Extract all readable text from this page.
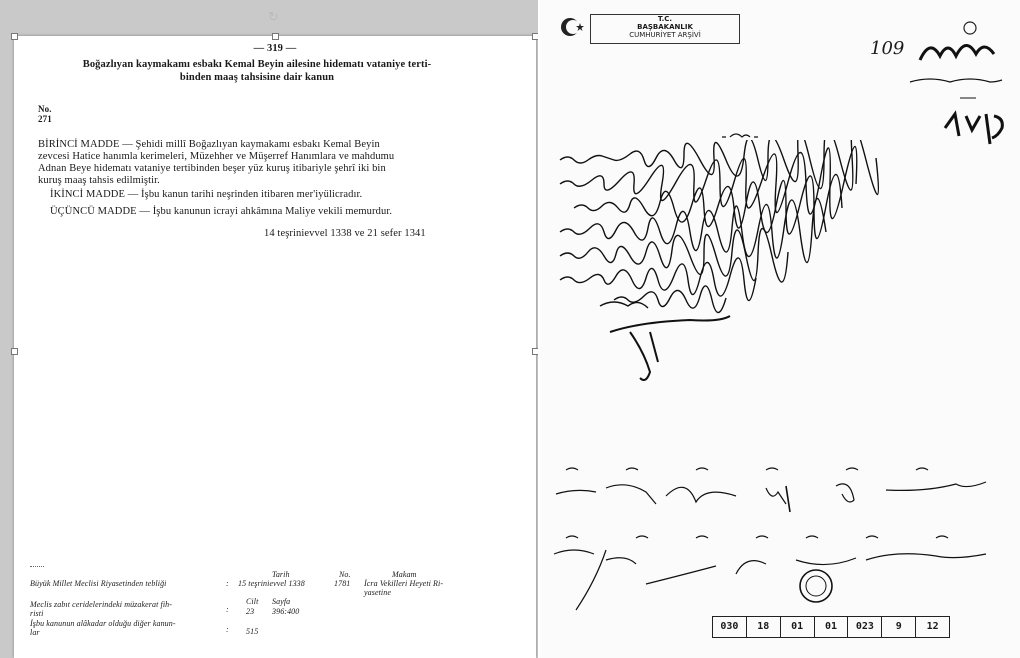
↻
— 319 —
Boğazlıyan kaymakamı esbakı Kemal Beyin ailesine hidematı vataniye terti-
binden maaş tahsisine dair kanun
No.
271
BİRİNCİ MADDE — Şehidi millî Boğazlıyan kaymakamı esbakı Kemal Beyin
zevcesi Hatice hanımla kerimeleri, Müzehher ve Müşerref Hanımlara ve mahdumu
Adnan Beye hidematı vataniye tertibinden beşer yüz kuruş itibariyle şehrî iki bin
kuruş maaş tahsis edilmiştir.
İKİNCİ MADDE — İşbu kanun tarihi neşrinden itibaren mer'iyülicradır.
ÜÇÜNCÜ MADDE — İşbu kanunun icrayi ahkâmına Maliye vekili memurdur.
14 teşrinievvel 1338 ve 21 sefer 1341
Tarih	No.	Makam
Büyük Millet Meclisi Riyasetinden tebliği	: 15 teşrinievvel 1338	1781 İcra Vekilleri Heyeti Ri-
yasetine
Cilt Sayfa
Meclis zabıt ceridelerindeki müzakerat fih-
risti	: 23 396:400
İşbu kanunun alâkadar olduğu diğer kanun-
lar	: 515
T.C.
BAŞBAKANLIK
CUMHURİYET ARŞİVİ
109
030	18	01	01	023	9	12
